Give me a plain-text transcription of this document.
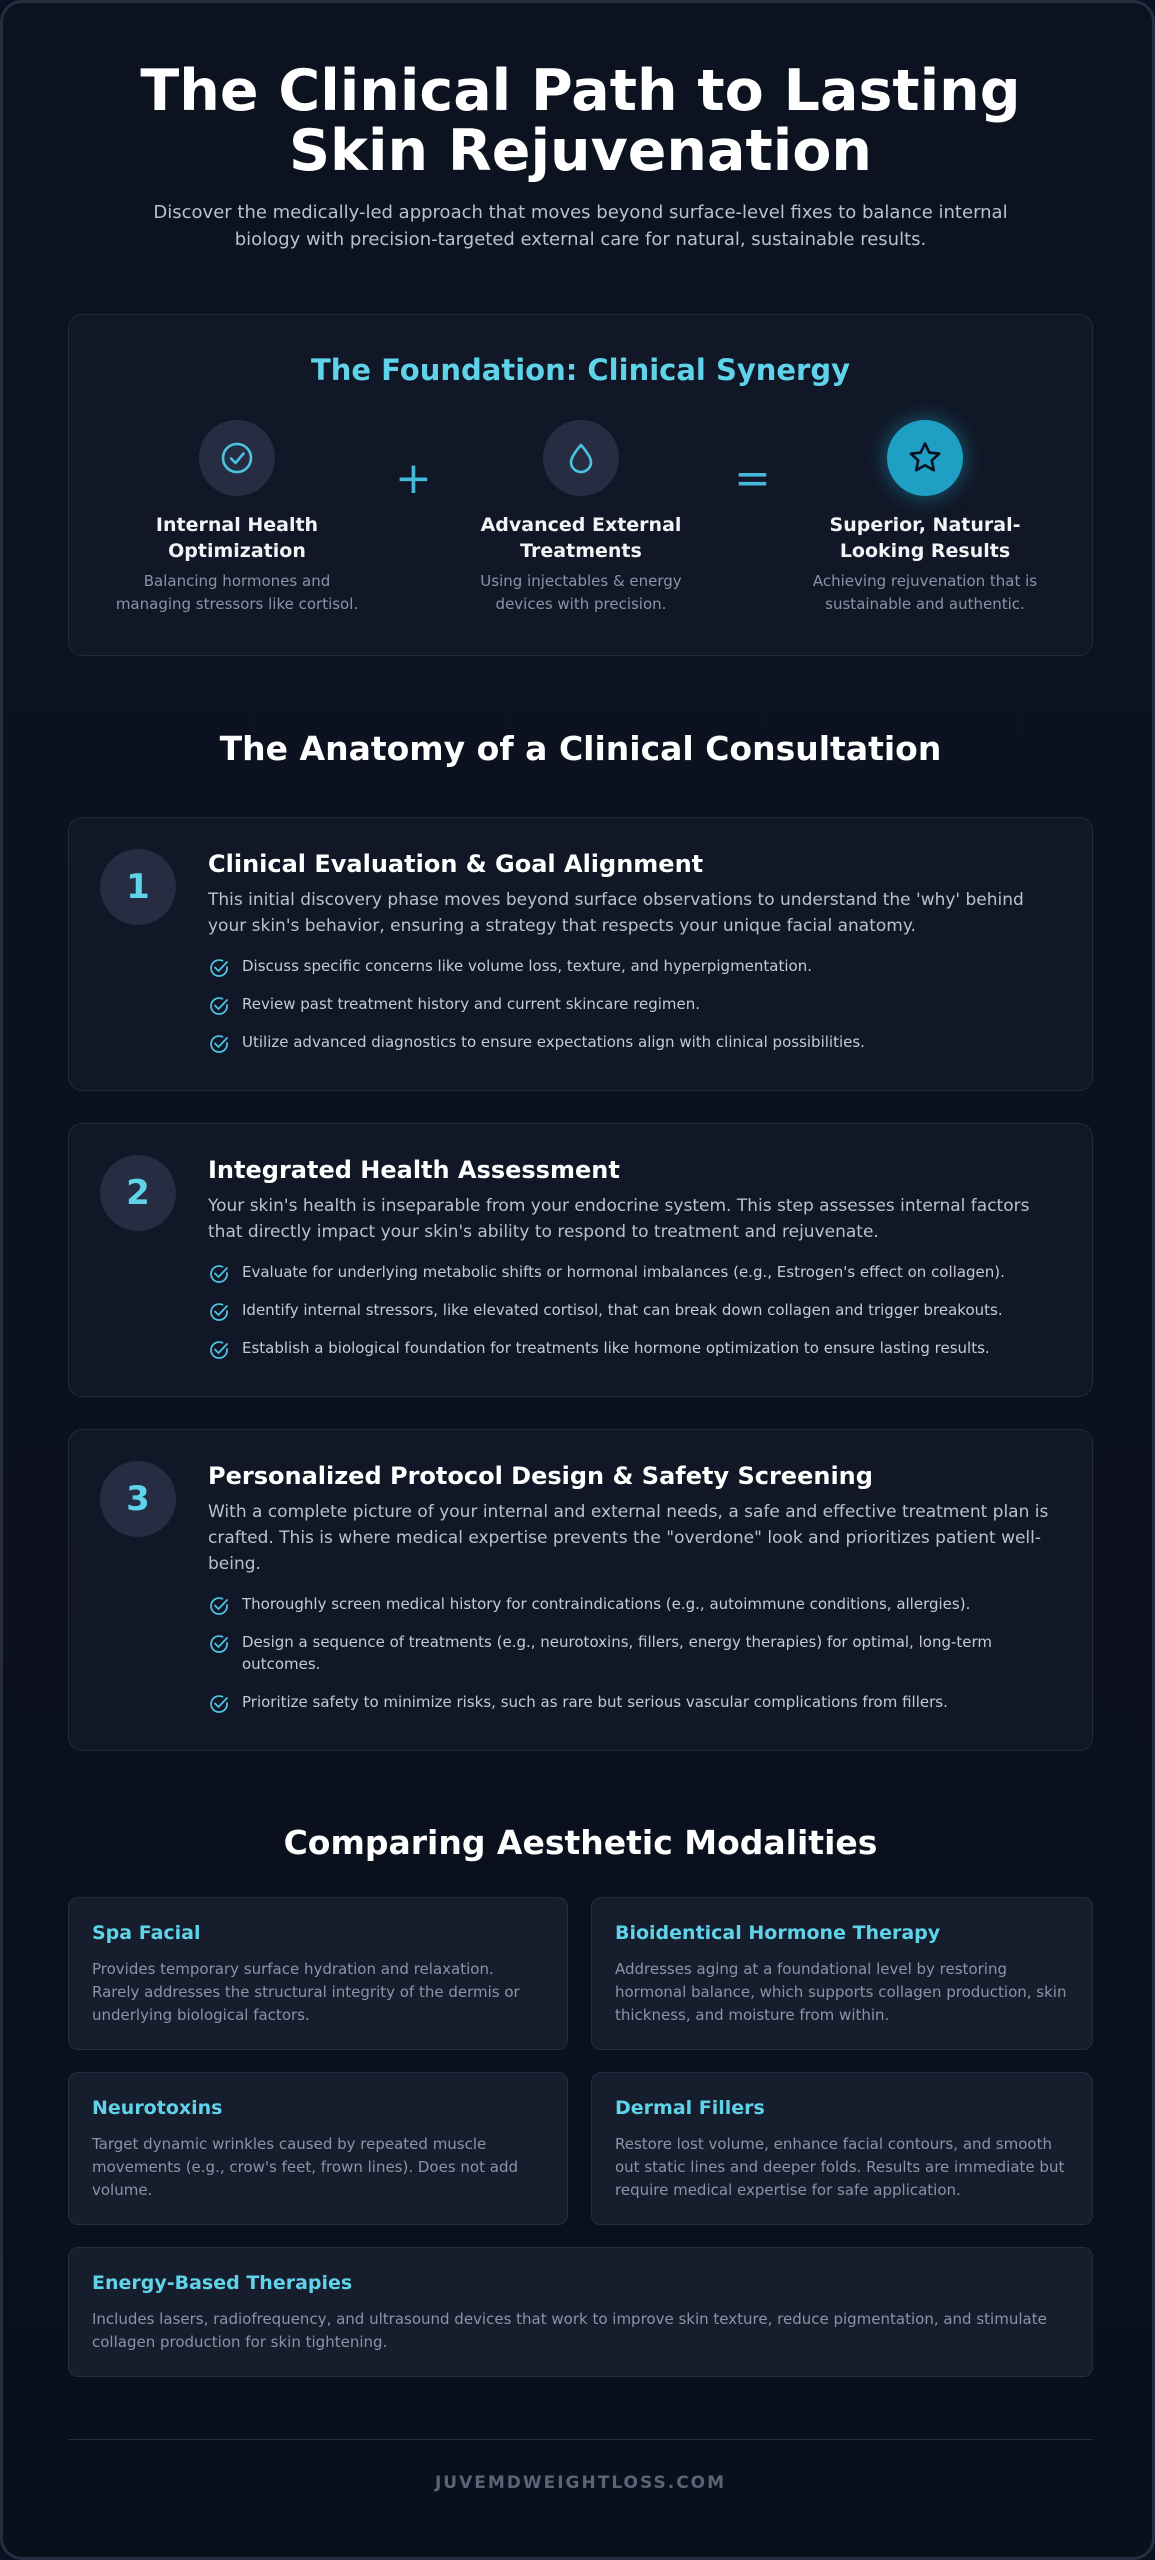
The Clinical Path to Lasting Skin Rejuvenation

Discover the medically-led approach that moves beyond surface-level fixes to balance internal biology with precision-targeted external care for natural, sustainable results.

The Foundation: Clinical Synergy
Internal Health Optimization
Balancing hormones and managing stressors like cortisol.
+
Advanced External Treatments
Using injectables & energy devices with precision.
=
Superior, Natural-Looking Results
Achieving rejuvenation that is sustainable and authentic.
The Anatomy of a Clinical Consultation
1
Clinical Evaluation & Goal Alignment

This initial discovery phase moves beyond surface observations to understand the 'why' behind your skin's behavior, ensuring a strategy that respects your unique facial anatomy.

Discuss specific concerns like volume loss, texture, and hyperpigmentation.
Review past treatment history and current skincare regimen.
Utilize advanced diagnostics to ensure expectations align with clinical possibilities.
2
Integrated Health Assessment

Your skin's health is inseparable from your endocrine system. This step assesses internal factors that directly impact your skin's ability to respond to treatment and rejuvenate.

Evaluate for underlying metabolic shifts or hormonal imbalances (e.g., Estrogen's effect on collagen).
Identify internal stressors, like elevated cortisol, that can break down collagen and trigger breakouts.
Establish a biological foundation for treatments like hormone optimization to ensure lasting results.
3
Personalized Protocol Design & Safety Screening

With a complete picture of your internal and external needs, a safe and effective treatment plan is crafted. This is where medical expertise prevents the "overdone" look and prioritizes patient well-being.

Thoroughly screen medical history for contraindications (e.g., autoimmune conditions, allergies).
Design a sequence of treatments (e.g., neurotoxins, fillers, energy therapies) for optimal, long-term outcomes.
Prioritize safety to minimize risks, such as rare but serious vascular complications from fillers.
Comparing Aesthetic Modalities
Spa Facial

Provides temporary surface hydration and relaxation. Rarely addresses the structural integrity of the dermis or underlying biological factors.

Bioidentical Hormone Therapy

Addresses aging at a foundational level by restoring hormonal balance, which supports collagen production, skin thickness, and moisture from within.

Neurotoxins

Target dynamic wrinkles caused by repeated muscle movements (e.g., crow's feet, frown lines). Does not add volume.

Dermal Fillers

Restore lost volume, enhance facial contours, and smooth out static lines and deeper folds. Results are immediate but require medical expertise for safe application.

Energy-Based Therapies

Includes lasers, radiofrequency, and ultrasound devices that work to improve skin texture, reduce pigmentation, and stimulate collagen production for skin tightening.

JUVEMDWEIGHTLOSS.COM
